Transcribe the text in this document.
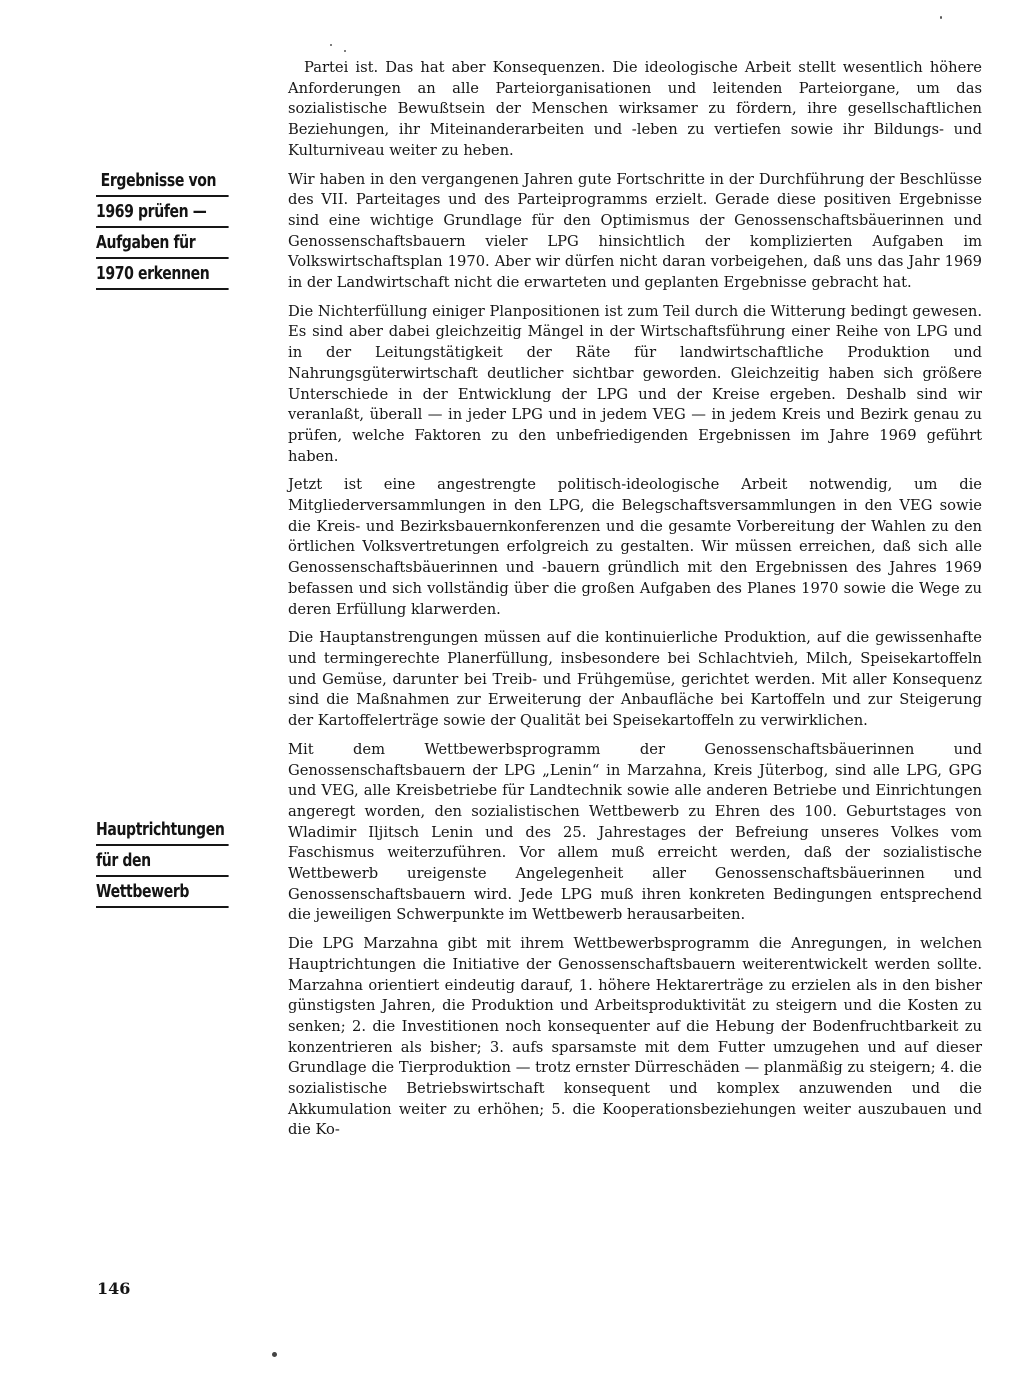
Ergebnisse von
1969 prüfen —
Aufgaben für
1970 erkennen
Hauptrichtungen
für den
Wettbewerb

Partei ist. Das hat aber Konsequenzen. Die ideologische Arbeit stellt wesentlich höhere Anforderungen an alle Parteiorganisationen und leitenden Parteiorgane, um das sozialistische Bewußtsein der Menschen wirksamer zu fördern, ihre gesellschaftlichen Beziehungen, ihr Miteinanderarbeiten und -leben zu vertiefen sowie ihr Bildungs- und Kulturniveau weiter zu heben.

Wir haben in den vergangenen Jahren gute Fortschritte in der Durchführung der Beschlüsse des VII. Parteitages und des Parteiprogramms erzielt. Gerade diese positiven Ergebnisse sind eine wichtige Grundlage für den Optimismus der Genossenschaftsbäuerinnen und Genossenschaftsbauern vieler LPG hinsichtlich der komplizierten Aufgaben im Volkswirtschaftsplan 1970. Aber wir dürfen nicht daran vorbeigehen, daß uns das Jahr 1969 in der Landwirtschaft nicht die erwarteten und geplanten Ergebnisse gebracht hat.

Die Nichterfüllung einiger Planpositionen ist zum Teil durch die Witterung bedingt gewesen. Es sind aber dabei gleichzeitig Mängel in der Wirtschaftsführung einer Reihe von LPG und in der Leitungstätigkeit der Räte für landwirtschaftliche Produktion und Nahrungsgüterwirtschaft deutlicher sichtbar geworden. Gleichzeitig haben sich größere Unterschiede in der Entwicklung der LPG und der Kreise ergeben. Deshalb sind wir veranlaßt, überall — in jeder LPG und in jedem VEG — in jedem Kreis und Bezirk genau zu prüfen, welche Faktoren zu den unbefriedigenden Ergebnissen im Jahre 1969 geführt haben.

Jetzt ist eine angestrengte politisch-ideologische Arbeit notwendig, um die Mitgliederversammlungen in den LPG, die Belegschaftsversammlungen in den VEG sowie die Kreis- und Bezirksbauernkonferenzen und die gesamte Vorbereitung der Wahlen zu den örtlichen Volksvertretungen erfolgreich zu gestalten. Wir müssen erreichen, daß sich alle Genossenschaftsbäuerinnen und -bauern gründlich mit den Ergebnissen des Jahres 1969 befassen und sich vollständig über die großen Aufgaben des Planes 1970 sowie die Wege zu deren Erfüllung klarwerden.

Die Hauptanstrengungen müssen auf die kontinuierliche Produktion, auf die gewissenhafte und termingerechte Planerfüllung, insbesondere bei Schlachtvieh, Milch, Speisekartoffeln und Gemüse, darunter bei Treib- und Frühgemüse, gerichtet werden. Mit aller Konsequenz sind die Maßnahmen zur Erweiterung der Anbaufläche bei Kartoffeln und zur Steigerung der Kartoffelerträge sowie der Qualität bei Speisekartoffeln zu verwirklichen.

Mit dem Wettbewerbsprogramm der Genossenschaftsbäuerinnen und Genossenschaftsbauern der LPG „Lenin“ in Marzahna, Kreis Jüterbog, sind alle LPG, GPG und VEG, alle Kreisbetriebe für Landtechnik sowie alle anderen Betriebe und Einrichtungen angeregt worden, den sozialistischen Wettbewerb zu Ehren des 100. Geburtstages von Wladimir Iljitsch Lenin und des 25. Jahrestages der Befreiung unseres Volkes vom Faschismus weiterzuführen. Vor allem muß erreicht werden, daß der sozialistische Wettbewerb ureigenste Angelegenheit aller Genossenschaftsbäuerinnen und Genossenschaftsbauern wird. Jede LPG muß ihren konkreten Bedingungen entsprechend die jeweiligen Schwerpunkte im Wettbewerb herausarbeiten.

Die LPG Marzahna gibt mit ihrem Wettbewerbsprogramm die Anregungen, in welchen Hauptrichtungen die Initiative der Genossenschaftsbauern weiterentwickelt werden sollte. Marzahna orientiert eindeutig darauf, 1. höhere Hektarerträge zu erzielen als in den bisher günstigsten Jahren, die Produktion und Arbeitsproduktivität zu steigern und die Kosten zu senken; 2. die Investitionen noch konsequenter auf die Hebung der Bodenfruchtbarkeit zu konzentrieren als bisher; 3. aufs sparsamste mit dem Futter umzugehen und auf dieser Grundlage die Tierproduktion — trotz ernster Dürreschäden — planmäßig zu steigern; 4. die sozialistische Betriebswirtschaft konsequent und komplex anzuwenden und die Akkumulation weiter zu erhöhen; 5. die Kooperationsbeziehungen weiter auszubauen und die Ko-

146
